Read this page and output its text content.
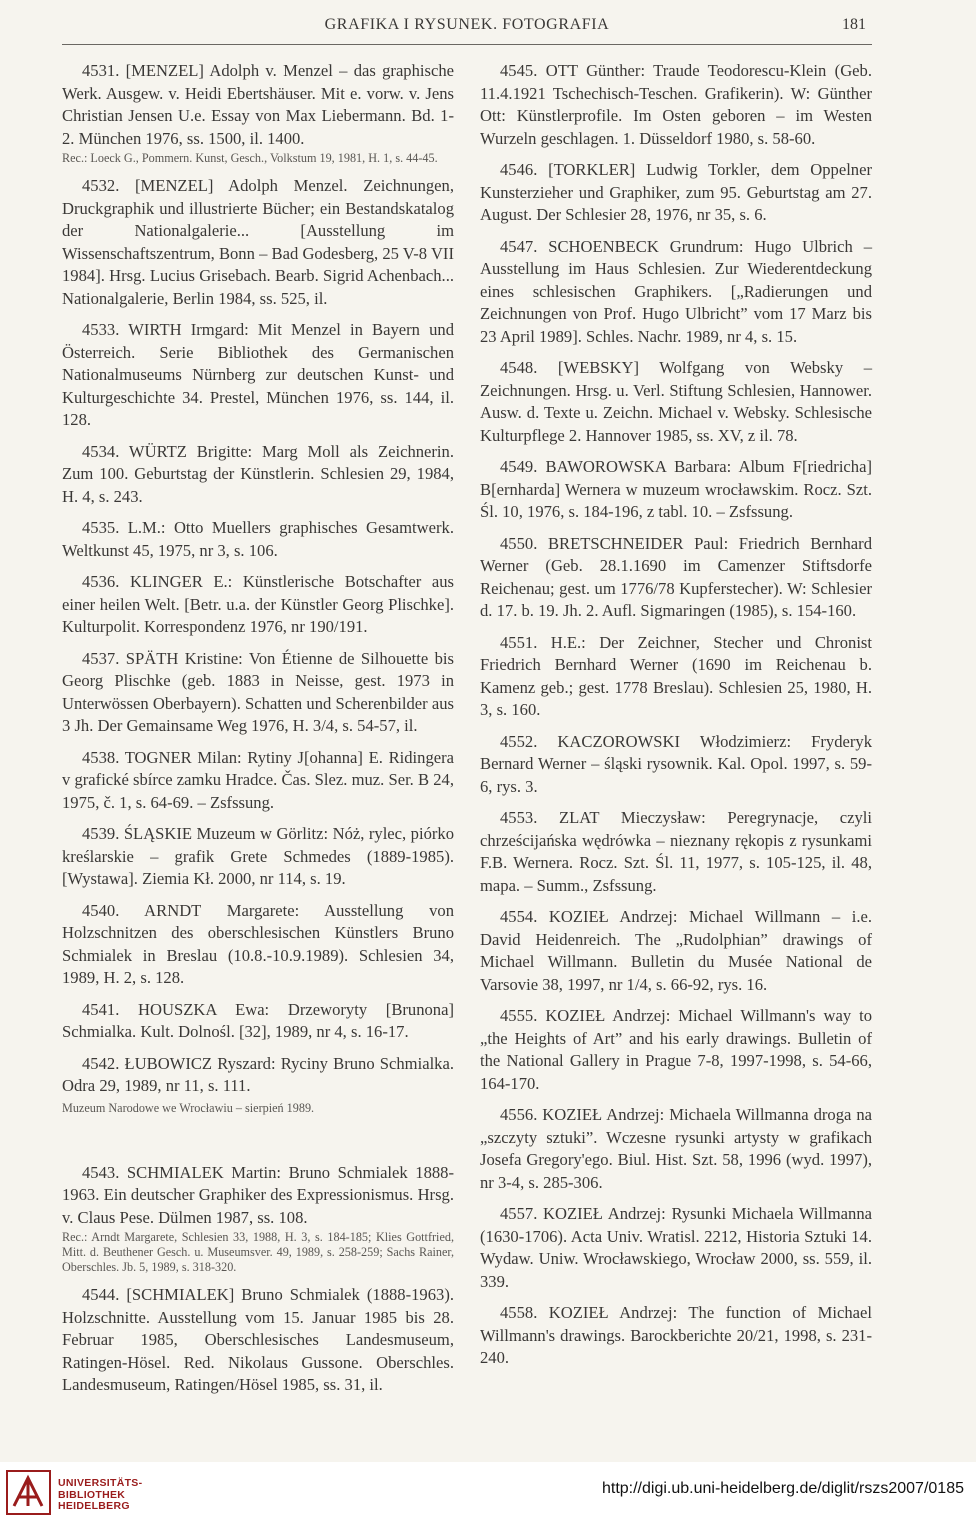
GRAFIKA I RYSUNEK. FOTOGRAFIA	181

4531. [MENZEL] Adolph v. Menzel – das graphische Werk. Ausgew. v. Heidi Ebertshäuser. Mit e. vorw. v. Jens Christian Jensen U.e. Essay von Max Liebermann. Bd. 1-2. München 1976, ss. 1500, il. 1400.
Rec.: Loeck G., Pommern. Kunst, Gesch., Volkstum 19, 1981, H. 1, s. 44-45.

4532. [MENZEL] Adolph Menzel. Zeichnungen, Druckgraphik und illustrierte Bücher; ein Bestandskatalog der Nationalgalerie... [Ausstellung im Wissenschaftszentrum, Bonn – Bad Godesberg, 25 V-8 VII 1984]. Hrsg. Lucius Grisebach. Bearb. Sigrid Achenbach... Nationalgalerie, Berlin 1984, ss. 525, il.

4533. WIRTH Irmgard: Mit Menzel in Bayern und Österreich. Serie Bibliothek des Germanischen Nationalmuseums Nürnberg zur deutschen Kunst- und Kulturgeschichte 34. Prestel, München 1976, ss. 144, il. 128.

4534. WÜRTZ Brigitte: Marg Moll als Zeichnerin. Zum 100. Geburtstag der Künstlerin. Schlesien 29, 1984, H. 4, s. 243.

4535. L.M.: Otto Muellers graphisches Gesamtwerk. Weltkunst 45, 1975, nr 3, s. 106.

4536. KLINGER E.: Künstlerische Botschafter aus einer heilen Welt. [Betr. u.a. der Künstler Georg Plischke]. Kulturpolit. Korrespondenz 1976, nr 190/191.

4537. SPÄTH Kristine: Von Étienne de Silhouette bis Georg Plischke (geb. 1883 in Neisse, gest. 1973 in Unterwössen Oberbayern). Schatten und Scherenbilder aus 3 Jh. Der Gemainsame Weg 1976, H. 3/4, s. 54-57, il.

4538. TOGNER Milan: Rytiny J[ohanna] E. Ridingera v grafické sbírce zamku Hradce. Čas. Slez. muz. Ser. B 24, 1975, č. 1, s. 64-69. – Zsfssung.

4539. ŚLĄSKIE Muzeum w Görlitz: Nóż, rylec, piórko kreślarskie – grafik Grete Schmedes (1889-1985). [Wystawa]. Ziemia Kł. 2000, nr 114, s. 19.

4540. ARNDT Margarete: Ausstellung von Holzschnitzen des oberschlesischen Künstlers Bruno Schmialek in Breslau (10.8.-10.9.1989). Schlesien 34, 1989, H. 2, s. 128.

4541. HOUSZKA Ewa: Drzeworyty [Brunona] Schmialka. Kult. Dolnośl. [32], 1989, nr 4, s. 16-17.

4542. ŁUBOWICZ Ryszard: Ryciny Bruno Schmialka. Odra 29, 1989, nr 11, s. 111.

Muzeum Narodowe we Wrocławiu – sierpień 1989.

4543. SCHMIALEK Martin: Bruno Schmialek 1888-1963. Ein deutscher Graphiker des Expressionismus. Hrsg. v. Claus Pese. Dülmen 1987, ss. 108.
Rec.: Arndt Margarete, Schlesien 33, 1988, H. 3, s. 184-185; Klies Gottfried, Mitt. d. Beuthener Gesch. u. Museumsver. 49, 1989, s. 258-259; Sachs Rainer, Oberschles. Jb. 5, 1989, s. 318-320.

4544. [SCHMIALEK] Bruno Schmialek (1888-1963). Holzschnitte. Ausstellung vom 15. Januar 1985 bis 28. Februar 1985, Oberschlesisches Landesmuseum, Ratingen-Hösel. Red. Nikolaus Gussone. Oberschles. Landesmuseum, Ratingen/Hösel 1985, ss. 31, il.

4545. OTT Günther: Traude Teodorescu-Klein (Geb. 11.4.1921 Tschechisch-Teschen. Grafikerin). W: Günther Ott: Künstlerprofile. Im Osten geboren – im Westen Wurzeln geschlagen. 1. Düsseldorf 1980, s. 58-60.

4546. [TORKLER] Ludwig Torkler, dem Oppelner Kunsterzieher und Graphiker, zum 95. Geburtstag am 27. August. Der Schlesier 28, 1976, nr 35, s. 6.

4547. SCHOENBECK Grundrum: Hugo Ulbrich – Ausstellung im Haus Schlesien. Zur Wiederentdeckung eines schlesischen Graphikers. [„Radierungen und Zeichnungen von Prof. Hugo Ulbricht” vom 17 Marz bis 23 April 1989]. Schles. Nachr. 1989, nr 4, s. 15.

4548. [WEBSKY] Wolfgang von Websky – Zeichnungen. Hrsg. u. Verl. Stiftung Schlesien, Hannower. Ausw. d. Texte u. Zeichn. Michael v. Websky. Schlesische Kulturpflege 2. Hannover 1985, ss. XV, z il. 78.

4549. BAWOROWSKA Barbara: Album F[riedricha] B[ernharda] Wernera w muzeum wrocławskim. Rocz. Szt. Śl. 10, 1976, s. 184-196, z tabl. 10. – Zsfssung.

4550. BRETSCHNEIDER Paul: Friedrich Bernhard Werner (Geb. 28.1.1690 im Camenzer Stiftsdorfe Reichenau; gest. um 1776/78 Kupferstecher). W: Schlesier d. 17. b. 19. Jh. 2. Aufl. Sigmaringen (1985), s. 154-160.

4551. H.E.: Der Zeichner, Stecher und Chronist Friedrich Bernhard Werner (1690 im Reichenau b. Kamenz geb.; gest. 1778 Breslau). Schlesien 25, 1980, H. 3, s. 160.

4552. KACZOROWSKI Włodzimierz: Fryderyk Bernard Werner – śląski rysownik. Kal. Opol. 1997, s. 59-6, rys. 3.

4553. ZLAT Mieczysław: Peregrynacje, czyli chrześcijańska wędrówka – nieznany rękopis z rysunkami F.B. Wernera. Rocz. Szt. Śl. 11, 1977, s. 105-125, il. 48, mapa. – Summ., Zsfssung.

4554. KOZIEŁ Andrzej: Michael Willmann – i.e. David Heidenreich. The „Rudolphian” drawings of Michael Willmann. Bulletin du Musée National de Varsovie 38, 1997, nr 1/4, s. 66-92, rys. 16.

4555. KOZIEŁ Andrzej: Michael Willmann's way to „the Heights of Art” and his early drawings. Bulletin of the National Gallery in Prague 7-8, 1997-1998, s. 54-66, 164-170.

4556. KOZIEŁ Andrzej: Michaela Willmanna droga na „szczyty sztuki”. Wczesne rysunki artysty w grafikach Josefa Gregory'ego. Biul. Hist. Szt. 58, 1996 (wyd. 1997), nr 3-4, s. 285-306.

4557. KOZIEŁ Andrzej: Rysunki Michaela Willmanna (1630-1706). Acta Univ. Wratisl. 2212, Historia Sztuki 14. Wydaw. Uniw. Wrocławskiego, Wrocław 2000, ss. 559, il. 339.

4558. KOZIEŁ Andrzej: The function of Michael Willmann's drawings. Barockberichte 20/21, 1998, s. 231-240.

UNIVERSITÄTS-
BIBLIOTHEK
HEIDELBERG
http://digi.ub.uni-heidelberg.de/diglit/rszs2007/0185
